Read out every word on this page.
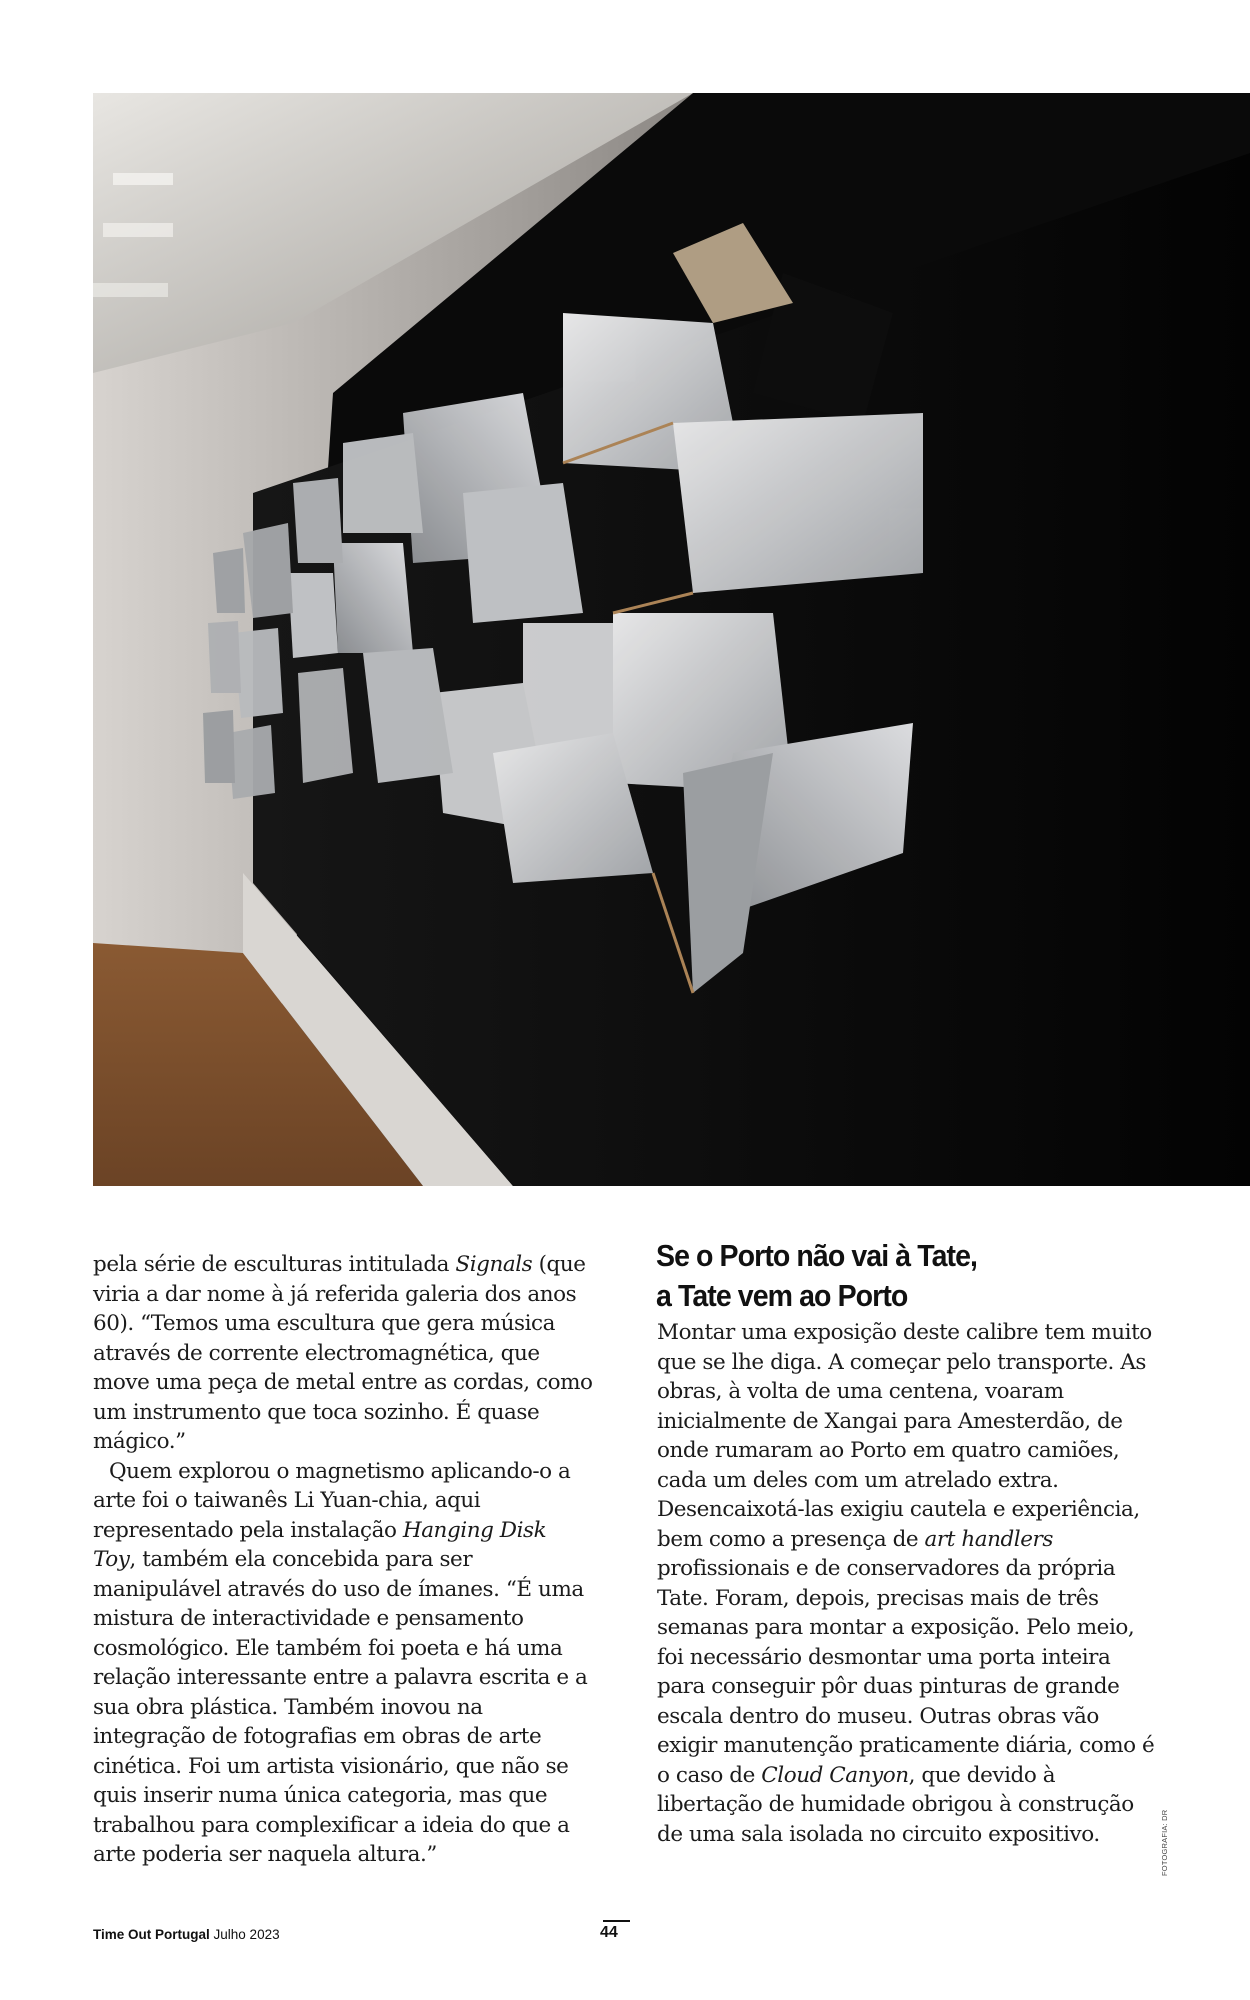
pela série de esculturas intitulada Signals (que viria a dar nome à já referida galeria dos anos 60). “Temos uma escultura que gera música através de corrente electromagnética, que move uma peça de metal entre as cordas, como um instrumento que toca sozinho. É quase mágico.”

Quem explorou o magnetismo aplicando-o a arte foi o taiwanês Li Yuan-chia, aqui representado pela instalação Hanging Disk Toy, também ela concebida para ser manipulável através do uso de ímanes. “É uma mistura de interactividade e pensamento cosmológico. Ele também foi poeta e há uma relação interessante entre a palavra escrita e a sua obra plástica. Também inovou na integração de fotografias em obras de arte cinética. Foi um artista visionário, que não se quis inserir numa única categoria, mas que trabalhou para complexificar a ideia do que a arte poderia ser naquela altura.”

Se o Porto não vai à Tate,
a Tate vem ao Porto

Montar uma exposição deste calibre tem muito que se lhe diga. A começar pelo transporte. As obras, à volta de uma centena, voaram inicialmente de Xangai para Amesterdão, de onde rumaram ao Porto em quatro camiões, cada um deles com um atrelado extra. Desencaixotá-las exigiu cautela e experiência, bem como a presença de art handlers profissionais e de conservadores da própria Tate. Foram, depois, precisas mais de três semanas para montar a exposição. Pelo meio, foi necessário desmontar uma porta inteira para conseguir pôr duas pinturas de grande escala dentro do museu. Outras obras vão exigir manutenção praticamente diária, como é o caso de Cloud Canyon, que devido à libertação de humidade obrigou à construção de uma sala isolada no circuito expositivo.	FOTOGRAFIA: DR
Time Out Portugal Julho 2023	44
